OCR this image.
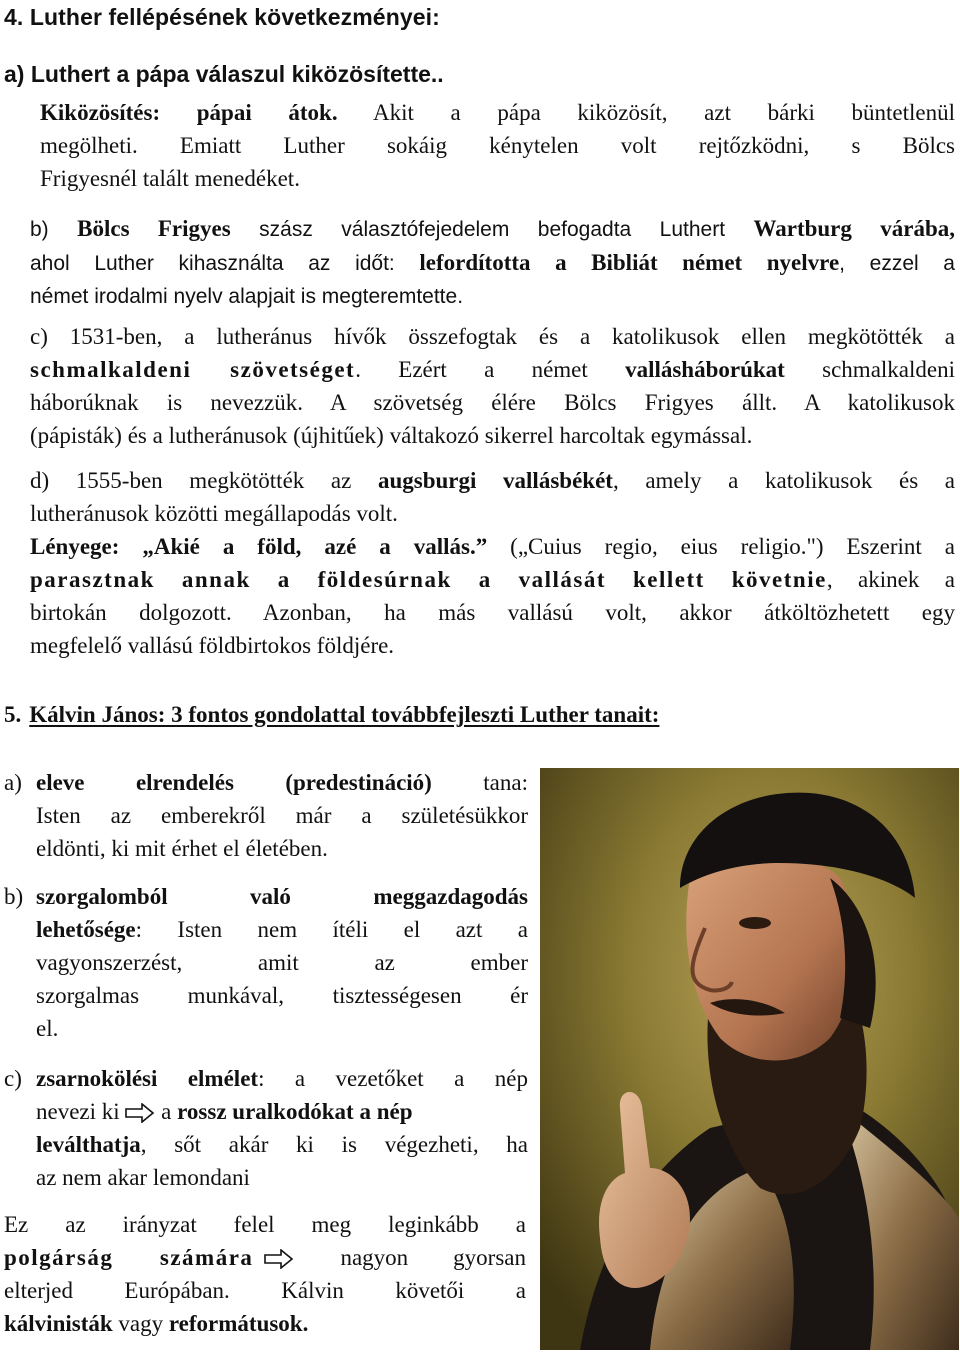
4. Luther fellépésének következményei:
a) Luthert a pápa válaszul kiközösítette..
Kiközösítés: pápai átok. Akit a pápa kiközösít, azt bárki büntetlenül
megölheti. Emiatt Luther sokáig kénytelen volt rejtőzködni, s Bölcs
Frigyesnél talált menedéket.
b) Bölcs Frigyes szász választófejedelem befogadta Luthert Wartburg várába,
ahol Luther kihasználta az időt: lefordította a Bibliát német nyelvre, ezzel a
német irodalmi nyelv alapjait is megteremtette.
c) 1531-ben, a lutheránus hívők összefogtak és a katolikusok ellen megkötötték a
schmalkaldeni szövetséget. Ezért a német vallásháborúkat schmalkaldeni
háborúknak is nevezzük. A szövetség élére Bölcs Frigyes állt. A katolikusok
(pápisták) és a lutheránusok (újhitűek) váltakozó sikerrel harcoltak egymással.
d) 1555-ben megkötötték az augsburgi vallásbékét, amely a katolikusok és a
lutheránusok közötti megállapodás volt.
Lényege: „Akié a föld, azé a vallás.” („Cuius regio, eius religio.") Eszerint a
parasztnak annak a földesúrnak a vallását kellett követnie, akinek a
birtokán dolgozott. Azonban, ha más vallású volt, akkor átköltözhetett egy
megfelelő vallású földbirtokos földjére.
5. Kálvin János: 3 fontos gondolattal továbbfejleszti Luther tanait:
a) eleve elrendelés (predestináció) tana:
Isten az emberekről már a születésükkor
eldönti, ki mit érhet el életében.
b) szorgalomból való meggazdagodás
lehetősége: Isten nem ítéli el azt a
vagyonszerzést, amit az ember
szorgalmas munkával, tisztességesen ér
el.
c) zsarnokölési elmélet: a vezetőket a nép
nevezi ki  a rossz uralkodókat a nép
leválthatja, sőt akár ki is végezheti, ha
az nem akar lemondani
Ez az irányzat felel meg leginkább a
polgárság számára nagyon gyorsan
elterjed Európában. Kálvin követői a
kálvinisták vagy reformátusok.
